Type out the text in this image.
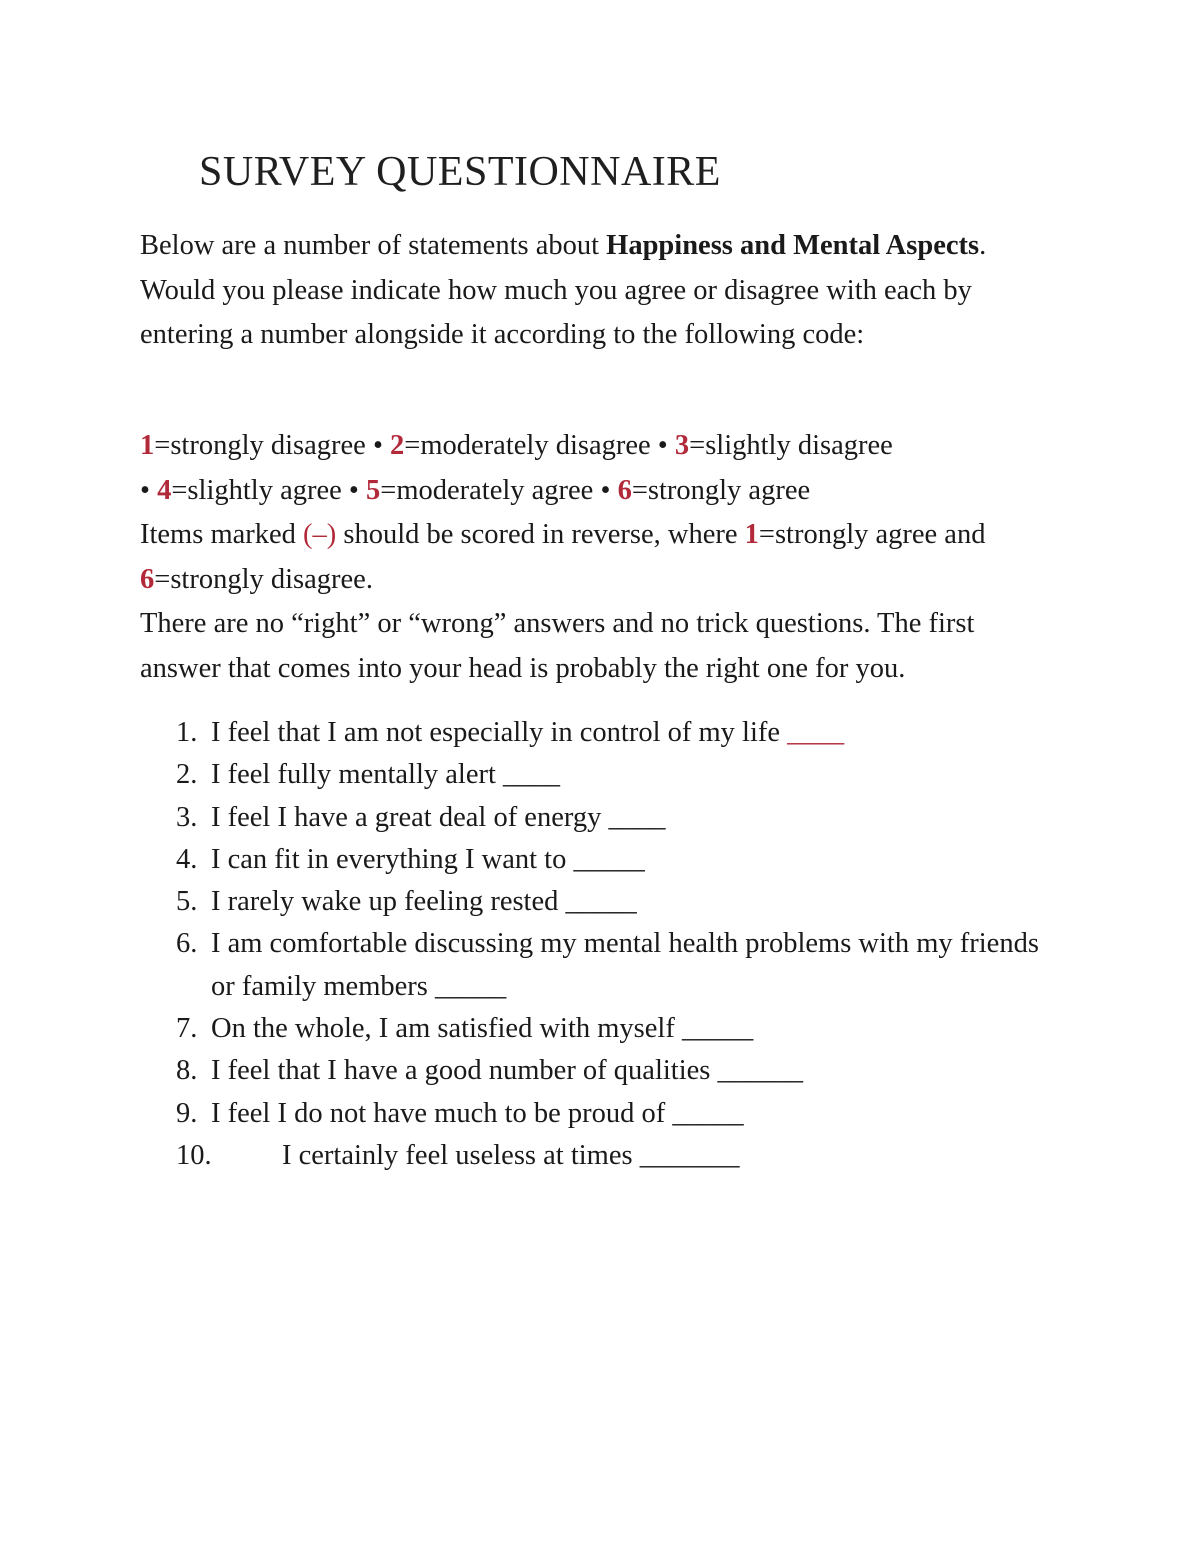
SURVEY QUESTIONNAIRE
Below are a number of statements about Happiness and Mental Aspects. Would you please indicate how much you agree or disagree with each by entering a number alongside it according to the following code:
1=strongly disagree • 2=moderately disagree • 3=slightly disagree
• 4=slightly agree • 5=moderately agree • 6=strongly agree
Items marked (–) should be scored in reverse, where 1=strongly agree and 6=strongly disagree.
There are no “right” or “wrong” answers and no trick questions. The first answer that comes into your head is probably the right one for you.
1. I feel that I am not especially in control of my life ____
2. I feel fully mentally alert ____
3. I feel I have a great deal of energy ____
4. I can fit in everything I want to _____
5. I rarely wake up feeling rested _____
6. I am comfortable discussing my mental health problems with my friends or family members _____
7. On the whole, I am satisfied with myself _____
8. I feel that I have a good number of qualities ______
9. I feel I do not have much to be proud of _____
10. I certainly feel useless at times _______
